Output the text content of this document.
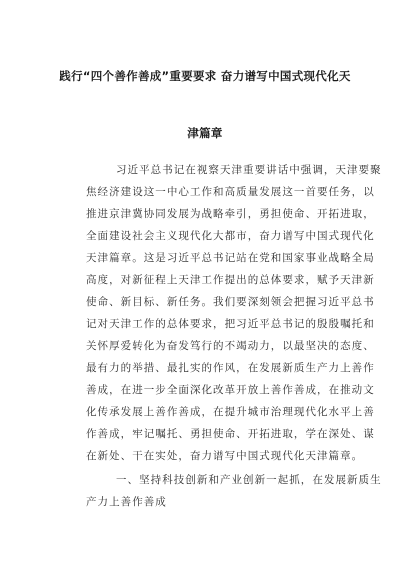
践行“四个善作善成”重要要求 奋力谱写中国式现代化天
津篇章
习近平总书记在视察天津重要讲话中强调，天津要聚
焦经济建设这一中心工作和高质量发展这一首要任务，以
推进京津冀协同发展为战略牵引，勇担使命、开拓进取，
全面建设社会主义现代化大都市，奋力谱写中国式现代化
天津篇章。这是习近平总书记站在党和国家事业战略全局
高度，对新征程上天津工作提出的总体要求，赋予天津新
使命、新目标、新任务。我们要深刻领会把握习近平总书
记对天津工作的总体要求，把习近平总书记的殷殷嘱托和
关怀厚爱转化为奋发笃行的不竭动力，以最坚决的态度、
最有力的举措、最扎实的作风，在发展新质生产力上善作
善成，在进一步全面深化改革开放上善作善成，在推动文
化传承发展上善作善成，在提升城市治理现代化水平上善
作善成，牢记嘱托、勇担使命、开拓进取，学在深处、谋
在新处、干在实处，奋力谱写中国式现代化天津篇章。
一、坚持科技创新和产业创新一起抓，在发展新质生
产力上善作善成
